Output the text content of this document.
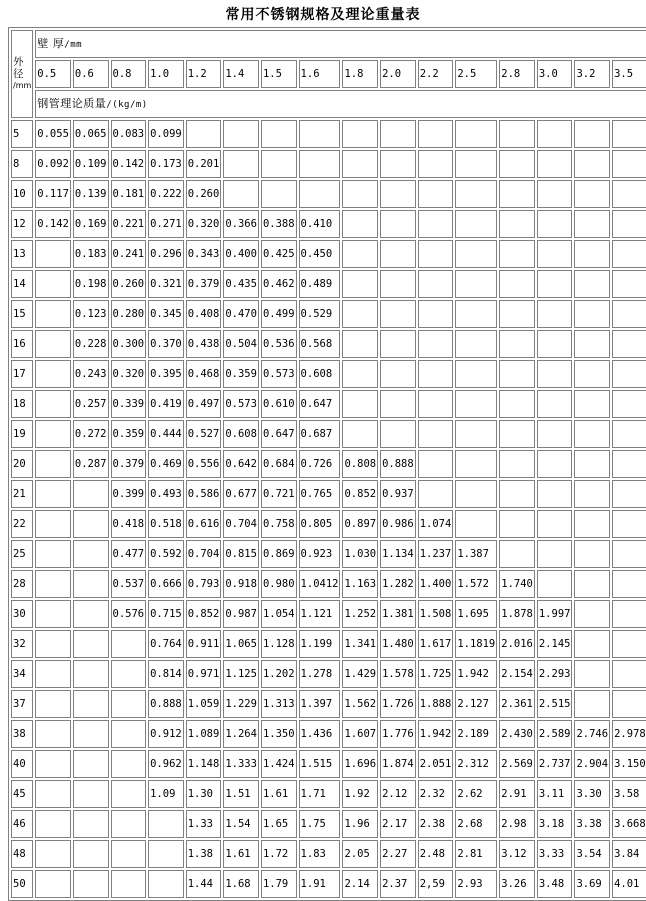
常用不锈钢规格及理论重量表
外
径
/mm	壁 厚/mm															
	0.5	0.6	0.8	1.0	1.2	1.4	1.5	1.6	1.8	2.0	2.2	2.5	2.8	3.0	3.2	3.5
	钢管理论质量/(kg/m)															
5	0.055	0.065	0.083	0.099												
8	0.092	0.109	0.142	0.173	0.201											
10	0.117	0.139	0.181	0.222	0.260											
12	0.142	0.169	0.221	0.271	0.320	0.366	0.388	0.410								
13		0.183	0.241	0.296	0.343	0.400	0.425	0.450								
14		0.198	0.260	0.321	0.379	0.435	0.462	0.489								
15		0.123	0.280	0.345	0.408	0.470	0.499	0.529								
16		0.228	0.300	0.370	0.438	0.504	0.536	0.568								
17		0.243	0.320	0.395	0.468	0.359	0.573	0.608								
18		0.257	0.339	0.419	0.497	0.573	0.610	0.647								
19		0.272	0.359	0.444	0.527	0.608	0.647	0.687								
20		0.287	0.379	0.469	0.556	0.642	0.684	0.726	0.808	0.888						
21			0.399	0.493	0.586	0.677	0.721	0.765	0.852	0.937						
22			0.418	0.518	0.616	0.704	0.758	0.805	0.897	0.986	1.074					
25			0.477	0.592	0.704	0.815	0.869	0.923	1.030	1.134	1.237	1.387				
28			0.537	0.666	0.793	0.918	0.980	1.0412	1.163	1.282	1.400	1.572	1.740			
30			0.576	0.715	0.852	0.987	1.054	1.121	1.252	1.381	1.508	1.695	1.878	1.997		
32				0.764	0.911	1.065	1.128	1.199	1.341	1.480	1.617	1.1819	2.016	2.145		
34				0.814	0.971	1.125	1.202	1.278	1.429	1.578	1.725	1.942	2.154	2.293		
37				0.888	1.059	1.229	1.313	1.397	1.562	1.726	1.888	2.127	2.361	2.515		
38				0.912	1.089	1.264	1.350	1.436	1.607	1.776	1.942	2.189	2.430	2.589	2.746	2.978
40				0.962	1.148	1.333	1.424	1.515	1.696	1.874	2.051	2.312	2.569	2.737	2.904	3.150
45				1.09	1.30	1.51	1.61	1.71	1.92	2.12	2.32	2.62	2.91	3.11	3.30	3.58
46					1.33	1.54	1.65	1.75	1.96	2.17	2.38	2.68	2.98	3.18	3.38	3.668
48					1.38	1.61	1.72	1.83	2.05	2.27	2.48	2.81	3.12	3.33	3.54	3.84
50					1.44	1.68	1.79	1.91	2.14	2.37	2,59	2.93	3.26	3.48	3.69	4.01
